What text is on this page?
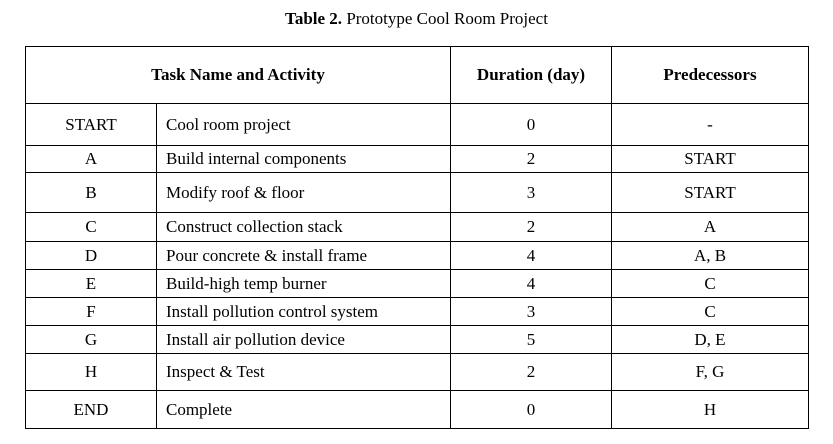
Table 2. Prototype Cool Room Project
Task Name and Activity		Duration (day)	Predecessors
START	Cool room project	0	-
A	Build internal components	2	START
B	Modify roof & floor	3	START
C	Construct collection stack	2	A
D	Pour concrete & install frame	4	A, B
E	Build-high temp burner	4	C
F	Install pollution control system	3	C
G	Install air pollution device	5	D, E
H	Inspect & Test	2	F, G
END	Complete	0	H
